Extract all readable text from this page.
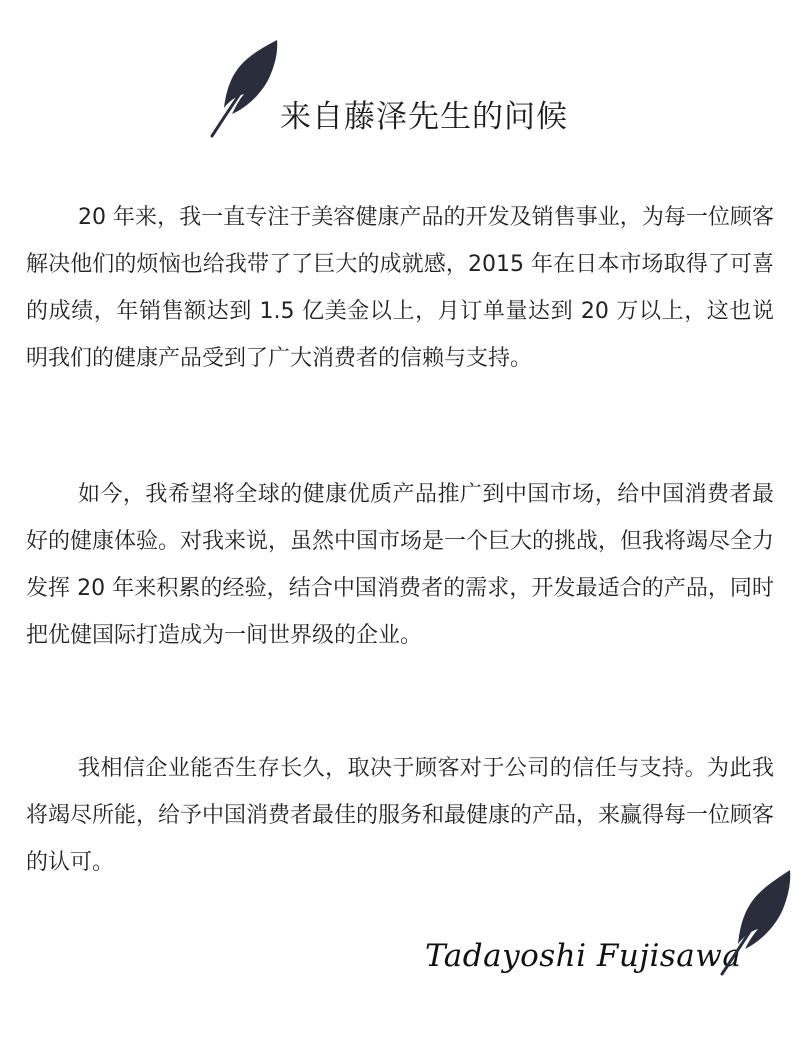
来自藤泽先生的问候

20 年来，我一直专注于美容健康产品的开发及销售事业，为每一位顾客解决他们的烦恼也给我带了了巨大的成就感，2015 年在日本市场取得了可喜的成绩，年销售额达到 1.5 亿美金以上，月订单量达到 20 万以上，这也说明我们的健康产品受到了广大消费者的信赖与支持。

如今，我希望将全球的健康优质产品推广到中国市场，给中国消费者最好的健康体验。对我来说，虽然中国市场是一个巨大的挑战，但我将竭尽全力发挥 20 年来积累的经验，结合中国消费者的需求，开发最适合的产品，同时把优健国际打造成为一间世界级的企业。

我相信企业能否生存长久，取决于顾客对于公司的信任与支持。为此我将竭尽所能，给予中国消费者最佳的服务和最健康的产品，来赢得每一位顾客的认可。

Tadayoshi Fujisawa
